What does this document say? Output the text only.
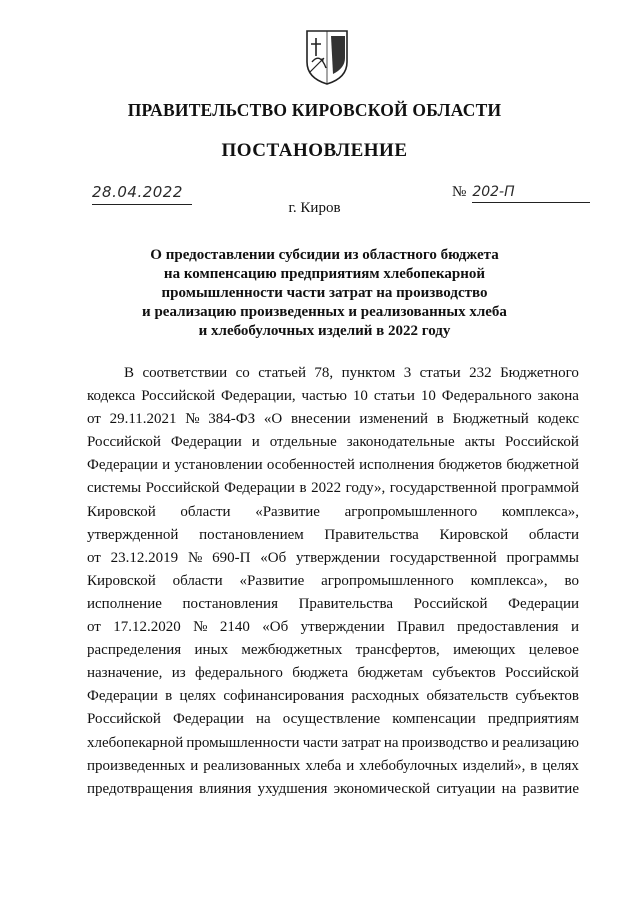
ПРАВИТЕЛЬСТВО КИРОВСКОЙ ОБЛАСТИ
ПОСТАНОВЛЕНИЕ
28.04.2022	№ 202-П
г. Киров
О предоставлении субсидии из областного бюджета
на компенсацию предприятиям хлебопекарной
промышленности части затрат на производство
и реализацию произведенных и реализованных хлеба
и хлебобулочных изделий в 2022 году
В соответствии со статьей 78, пунктом 3 статьи 232 Бюджетного
кодекса Российской Федерации, частью 10 статьи 10 Федерального закона
от 29.11.2021 № 384-ФЗ «О внесении изменений в Бюджетный кодекс
Российской Федерации и отдельные законодательные акты Российской
Федерации и установлении особенностей исполнения бюджетов бюджетной
системы Российской Федерации в 2022 году», государственной программой
Кировской области «Развитие агропромышленного комплекса»,
утвержденной постановлением Правительства Кировской области
от 23.12.2019 № 690-П «Об утверждении государственной программы
Кировской области «Развитие агропромышленного комплекса», во
исполнение постановления Правительства Российской Федерации
от 17.12.2020 № 2140 «Об утверждении Правил предоставления и
распределения иных межбюджетных трансфертов, имеющих целевое
назначение, из федерального бюджета бюджетам субъектов Российской
Федерации в целях софинансирования расходных обязательств субъектов
Российской Федерации на осуществление компенсации предприятиям
хлебопекарной промышленности части затрат на производство и реализацию
произведенных и реализованных хлеба и хлебобулочных изделий», в целях
предотвращения влияния ухудшения экономической ситуации на развитие
